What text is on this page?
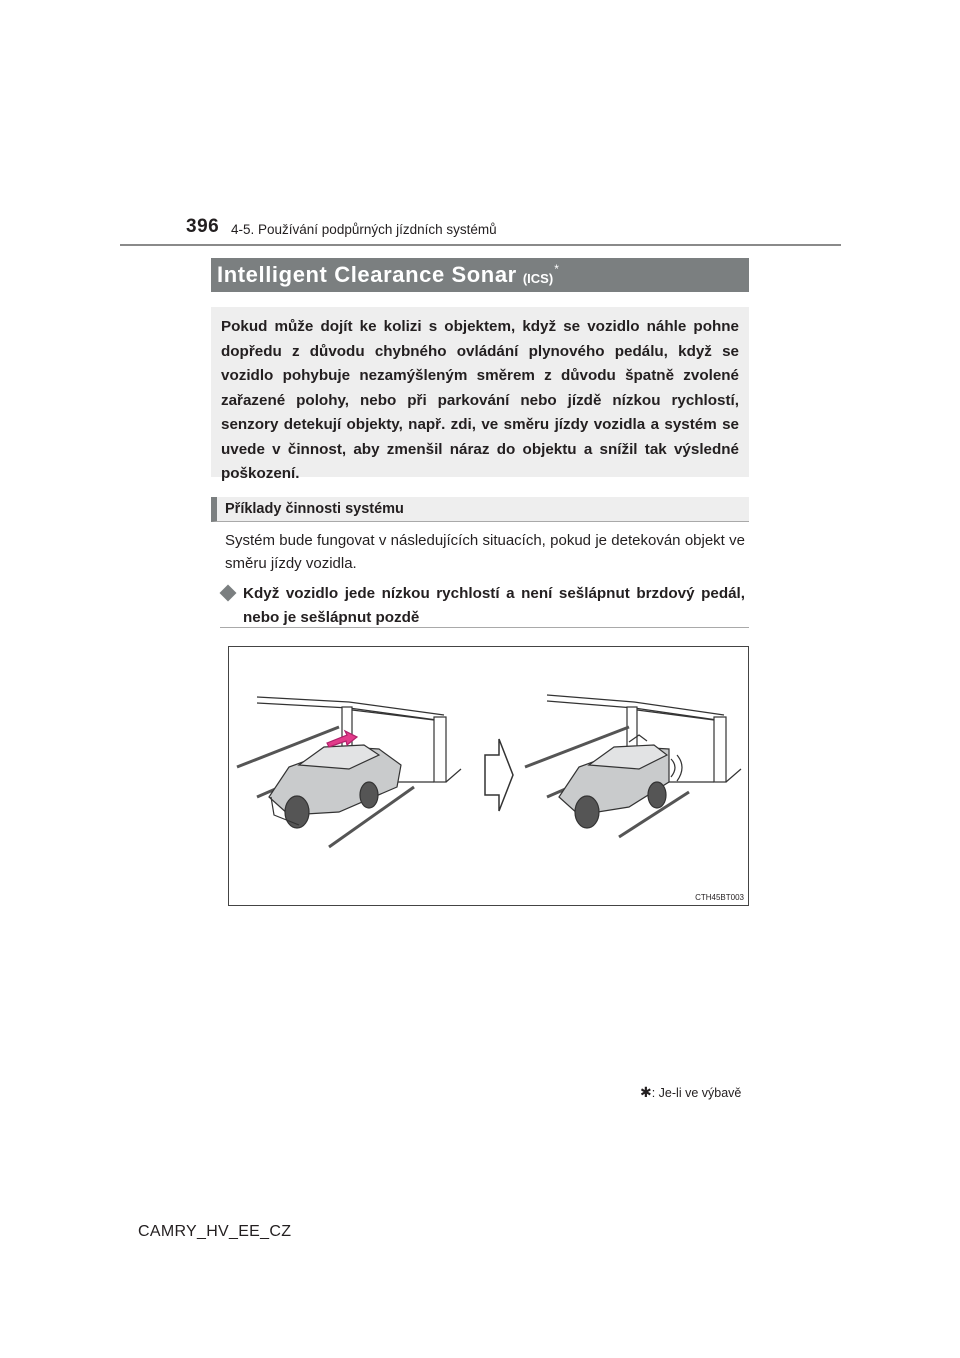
396 4-5. Používání podpůrných jízdních systémů
Intelligent Clearance Sonar (ICS)
*

Pokud může dojít ke kolizi s objektem, když se vozidlo náhle pohne dopředu z důvodu chybného ovládání plynového pedálu, když se vozidlo pohybuje nezamýšleným směrem z důvodu špatně zvolené zařazené polohy, nebo při parkování nebo jízdě nízkou rychlostí, senzory detekují objekty, např. zdi, ve směru jízdy vozidla a systém se uvede v činnost, aby zmenšil náraz do objektu a snížil tak výsledné poškození.

Příklady činnosti systému

Systém bude fungovat v následujících situacích, pokud je detekován objekt ve směru jízdy vozidla.

Když vozidlo jede nízkou rychlostí a není sešlápnut brzdový pedál, nebo je sešlápnut pozdě

CTH45BT003
✱: Je-li ve výbavě
CAMRY_HV_EE_CZ
